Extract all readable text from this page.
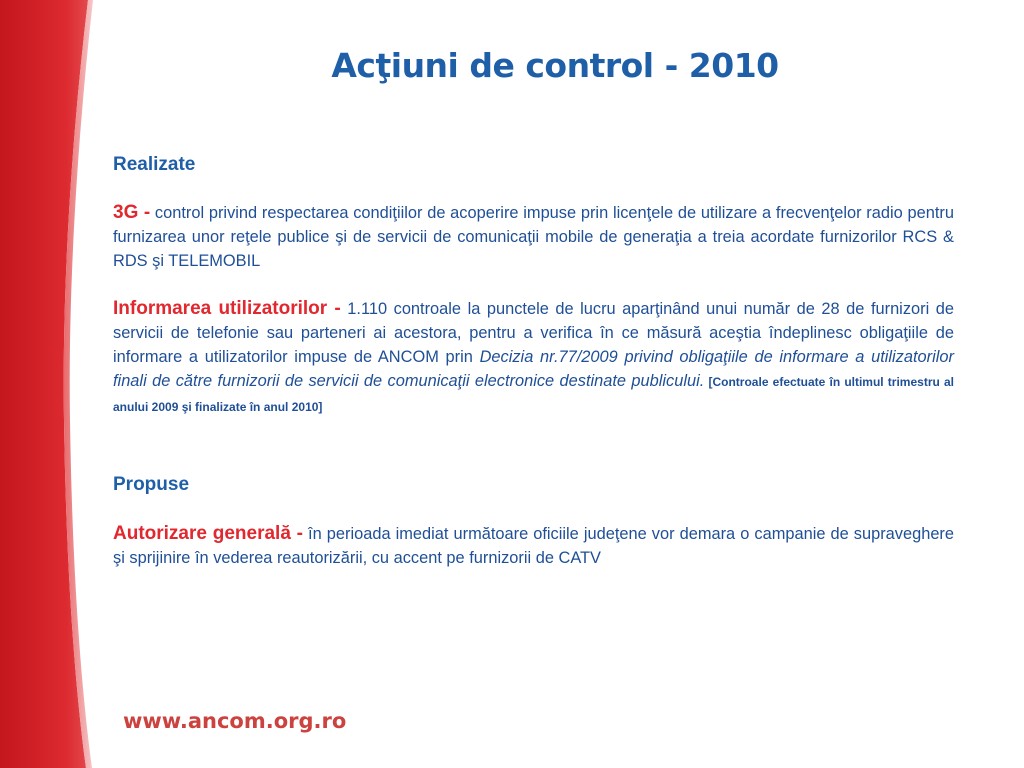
Acţiuni de control - 2010

Realizate

3G - control privind respectarea condiţiilor de acoperire impuse prin licenţele de utilizare a frecvenţelor radio pentru furnizarea unor reţele publice şi de servicii de comunicaţii mobile de generaţia a treia acordate furnizorilor RCS & RDS şi TELEMOBIL

Informarea utilizatorilor - 1.110 controale la punctele de lucru aparţinând unui număr de 28 de furnizori de servicii de telefonie sau parteneri ai acestora, pentru a verifica în ce măsură aceştia îndeplinesc obligaţiile de informare a utilizatorilor impuse de ANCOM prin Decizia nr.77/2009 privind obligaţiile de informare a utilizatorilor finali de către furnizorii de servicii de comunicaţii electronice destinate publicului. [Controale efectuate în ultimul trimestru al anului 2009 şi finalizate în anul 2010]

Propuse

Autorizare generală - în perioada imediat următoare oficiile judeţene vor demara o campanie de supraveghere şi sprijinire în vederea reautorizării, cu accent pe furnizorii de CATV

www.ancom.org.ro
